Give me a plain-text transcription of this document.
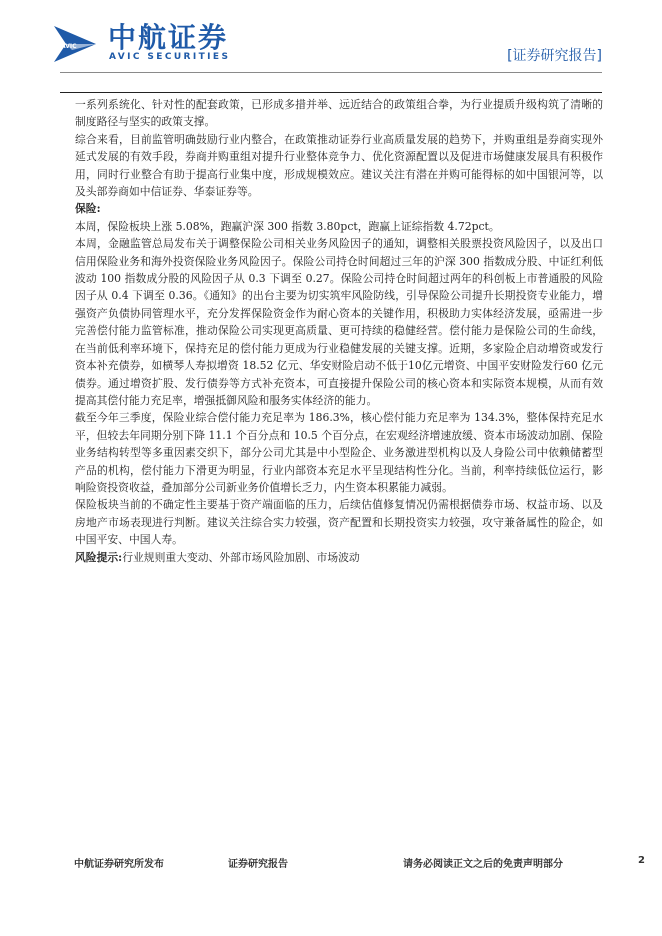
AVIC 中航证券
AVIC SECURITIES	[证券研究报告]

一系列系统化、针对性的配套政策，已形成多措并举、远近结合的政策组合拳，为行业提质升级构筑了清晰的制度路径与坚实的政策支撑。

综合来看，目前监管明确鼓励行业内整合，在政策推动证券行业高质量发展的趋势下，并购重组是券商实现外延式发展的有效手段，券商并购重组对提升行业整体竞争力、优化资源配置以及促进市场健康发展具有积极作用，同时行业整合有助于提高行业集中度，形成规模效应。建议关注有潜在并购可能得标的如中国银河等，以及头部券商如中信证券、华泰证券等。

保险:

本周，保险板块上涨 5.08%，跑赢沪深 300 指数 3.80pct，跑赢上证综指数 4.72pct。

本周，金融监管总局发布关于调整保险公司相关业务风险因子的通知，调整相关股票投资风险因子，以及出口信用保险业务和海外投资保险业务风险因子。保险公司持仓时间超过三年的沪深 300 指数成分股、中证红利低波动 100 指数成分股的风险因子从 0.3 下调至 0.27。保险公司持仓时间超过两年的科创板上市普通股的风险因子从 0.4 下调至 0.36。《通知》的出台主要为切实筑牢风险防线，引导保险公司提升长期投资专业能力，增强资产负债协同管理水平，充分发挥保险资金作为耐心资本的关键作用，积极助力实体经济发展，亟需进一步完善偿付能力监管标准，推动保险公司实现更高质量、更可持续的稳健经营。偿付能力是保险公司的生命线，在当前低利率环境下，保持充足的偿付能力更成为行业稳健发展的关键支撑。近期，多家险企启动增资或发行资本补充债券，如横琴人寿拟增资 18.52 亿元、华安财险启动不低于10亿元增资、中国平安财险发行60 亿元债券。通过增资扩股、发行债券等方式补充资本，可直接提升保险公司的核心资本和实际资本规模，从而有效提高其偿付能力充足率，增强抵御风险和服务实体经济的能力。

截至今年三季度，保险业综合偿付能力充足率为 186.3%，核心偿付能力充足率为 134.3%，整体保持充足水平，但较去年同期分别下降 11.1 个百分点和 10.5 个百分点，在宏观经济增速放缓、资本市场波动加剧、保险业务结构转型等多重因素交织下，部分公司尤其是中小型险企、业务激进型机构以及人身险公司中依赖储蓄型产品的机构，偿付能力下滑更为明显，行业内部资本充足水平呈现结构性分化。当前，利率持续低位运行，影响险资投资收益，叠加部分公司新业务价值增长乏力，内生资本积累能力减弱。

保险板块当前的不确定性主要基于资产端面临的压力，后续估值修复情况仍需根据债券市场、权益市场、以及房地产市场表现进行判断。建议关注综合实力较强，资产配置和长期投资实力较强，攻守兼备属性的险企，如中国平安、中国人寿。

风险提示:行业规则重大变动、外部市场风险加剧、市场波动

中航证券研究所发布	证券研究报告	请务必阅读正文之后的免责声明部分	2
